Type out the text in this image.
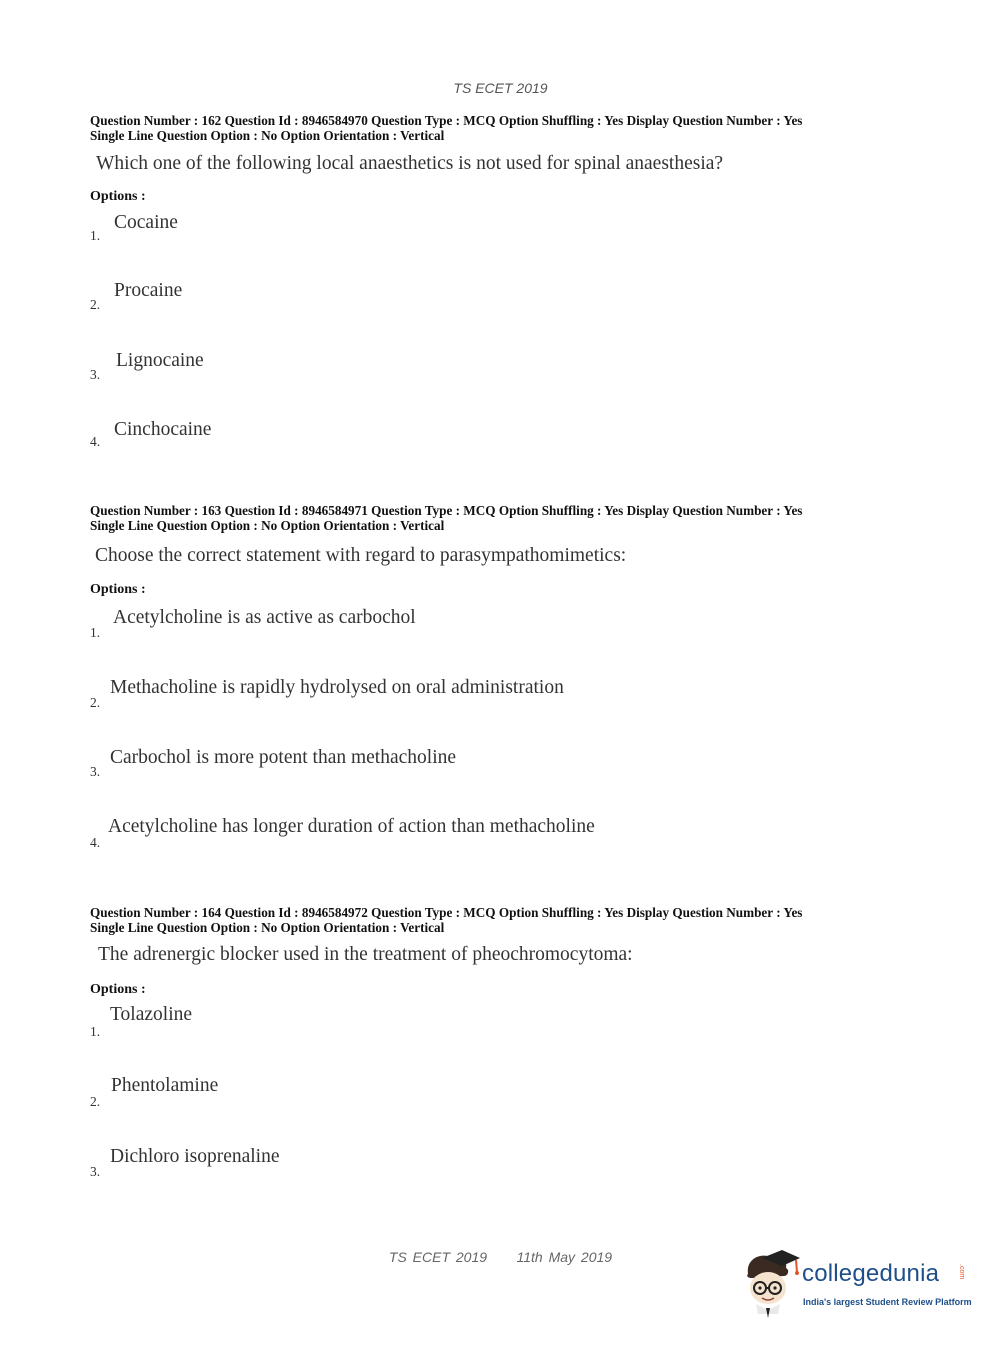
TS ECET 2019
Question Number : 162 Question Id : 8946584970 Question Type : MCQ Option Shuffling : Yes Display Question Number : Yes
Single Line Question Option : No Option Orientation : Vertical
Which one of the following local anaesthetics is not used for spinal anaesthesia?
Options :
1.
Cocaine
2.
Procaine
3.
Lignocaine
4.
Cinchocaine
Question Number : 163 Question Id : 8946584971 Question Type : MCQ Option Shuffling : Yes Display Question Number : Yes
Single Line Question Option : No Option Orientation : Vertical
Choose the correct statement with regard to parasympathomimetics:
Options :
1.
Acetylcholine is as active as carbochol
2.
Methacholine is rapidly hydrolysed on oral administration
3.
Carbochol is more potent than methacholine
4.
Acetylcholine has longer duration of action than methacholine
Question Number : 164 Question Id : 8946584972 Question Type : MCQ Option Shuffling : Yes Display Question Number : Yes
Single Line Question Option : No Option Orientation : Vertical
The adrenergic blocker used in the treatment of pheochromocytoma:
Options :
1.
Tolazoline
2.
Phentolamine
3.
Dichloro isoprenaline
TS ECET 2019 11th May 2019
collegedunia	.com
India's largest Student Review Platform
